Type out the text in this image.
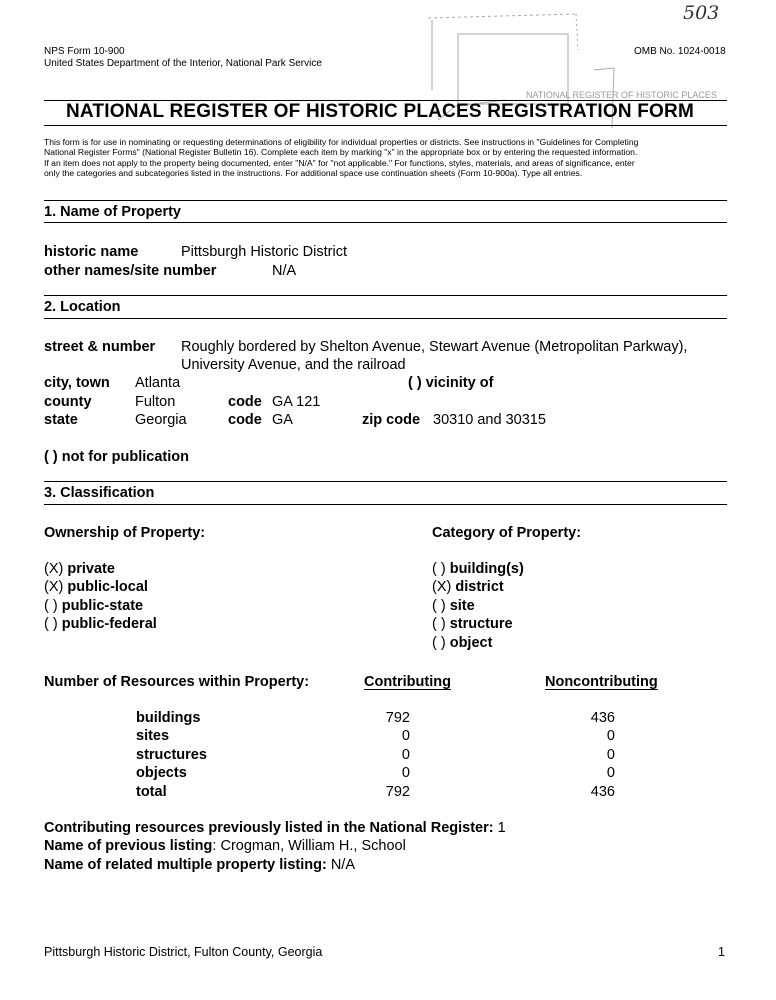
503
NPS Form 10-900
United States Department of the Interior, National Park Service
OMB No. 1024-0018
NATIONAL REGISTER OF HISTORIC PLACES
NATIONAL REGISTER OF HISTORIC PLACES REGISTRATION FORM
This form is for use in nominating or requesting determinations of eligibility for individual properties or districts. See instructions in "Guidelines for Completing
National Register Forms" (National Register Bulletin 16). Complete each item by marking "x" in the appropriate box or by entering the requested information.
If an item does not apply to the property being documented, enter "N/A" for "not applicable." For functions, styles, materials, and areas of significance, enter
only the categories and subcategories listed in the instructions. For additional space use continuation sheets (Form 10-900a). Type all entries.
1. Name of Property
historic name	Pittsburgh Historic District
other names/site number	N/A
2. Location
street & number Roughly bordered by Shelton Avenue, Stewart Avenue (Metropolitan Parkway),
University Avenue, and the railroad
city, town Atlanta	( ) vicinity of
county	Fulton	code GA 121
state	Georgia	code GA	zip code 30310 and 30315
( ) not for publication
3. Classification
Ownership of Property:	Category of Property:
(X) private
(X) public-local
( ) public-state
( ) public-federal
( ) building(s)
(X) district
( ) site
( ) structure
( ) object
Number of Resources within Property:	Contributing	Noncontributing
buildings	792	436
sites	0	0
structures	0	0
objects	0	0
total	792	436
Contributing resources previously listed in the National Register: 1
Name of previous listing: Crogman, William H., School
Name of related multiple property listing: N/A
Pittsburgh Historic District, Fulton County, Georgia	1
